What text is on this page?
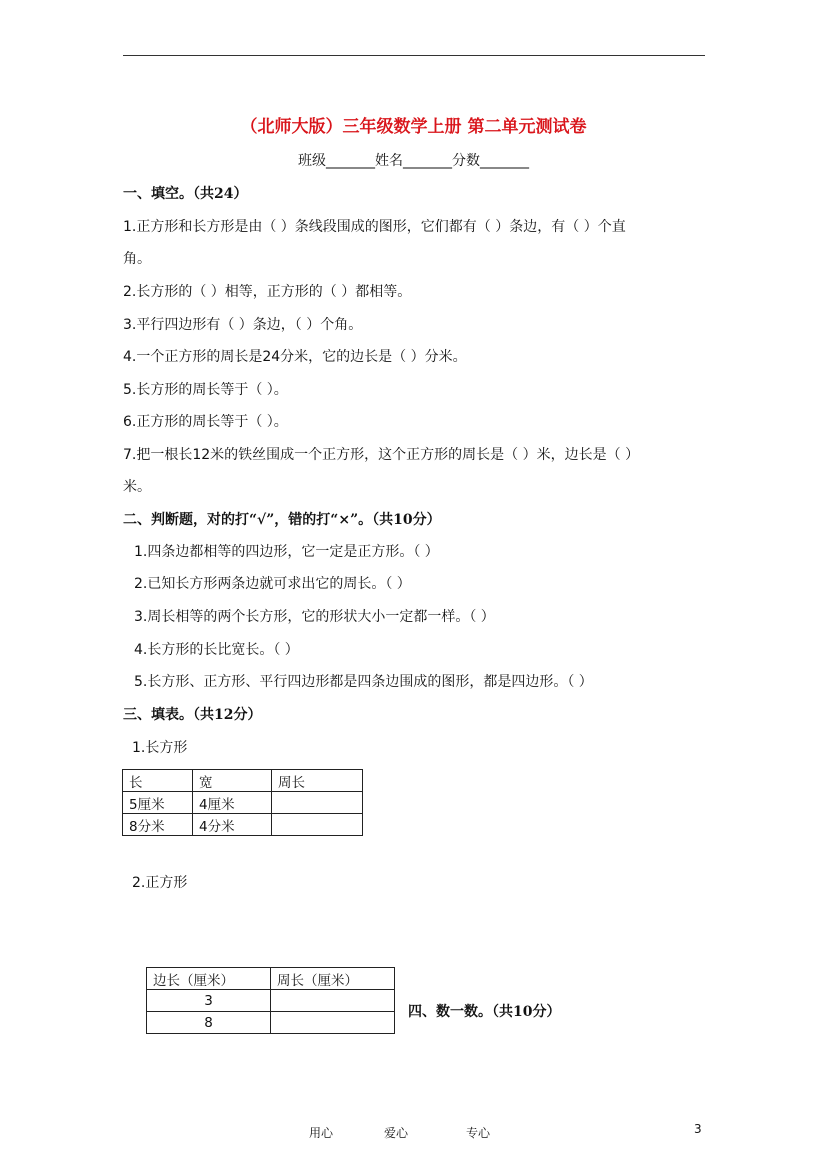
（北师大版）三年级数学上册 第二单元测试卷
班级_______姓名_______分数_______
一、填空。（共24）
1.正方形和长方形是由（ ）条线段围成的图形，它们都有（ ）条边，有（ ）个直
角。
2.长方形的（ ）相等，正方形的（ ）都相等。
3.平行四边形有（ ）条边，（ ）个角。
4.一个正方形的周长是24分米，它的边长是（ ）分米。
5.长方形的周长等于（ ）。
6.正方形的周长等于（ ）。
7.把一根长12米的铁丝围成一个正方形，这个正方形的周长是（ ）米，边长是（ ）
米。
二、判断题，对的打“√”，错的打“×”。（共10分）
1.四条边都相等的四边形，它一定是正方形。（ ）
2.已知长方形两条边就可求出它的周长。（ ）
3.周长相等的两个长方形，它的形状大小一定都一样。（ ）
4.长方形的长比宽长。（ ）
5.长方形、正方形、平行四边形都是四条边围成的图形，都是四边形。（ ）
三、填表。（共12分）
1.长方形
长	宽	周长
5厘米	4厘米	
8分米	4分米	
2.正方形
边长（厘米）	周长（厘米）
3	
8	
四、数一数。（共10分）
用心	爱心	专心	3
